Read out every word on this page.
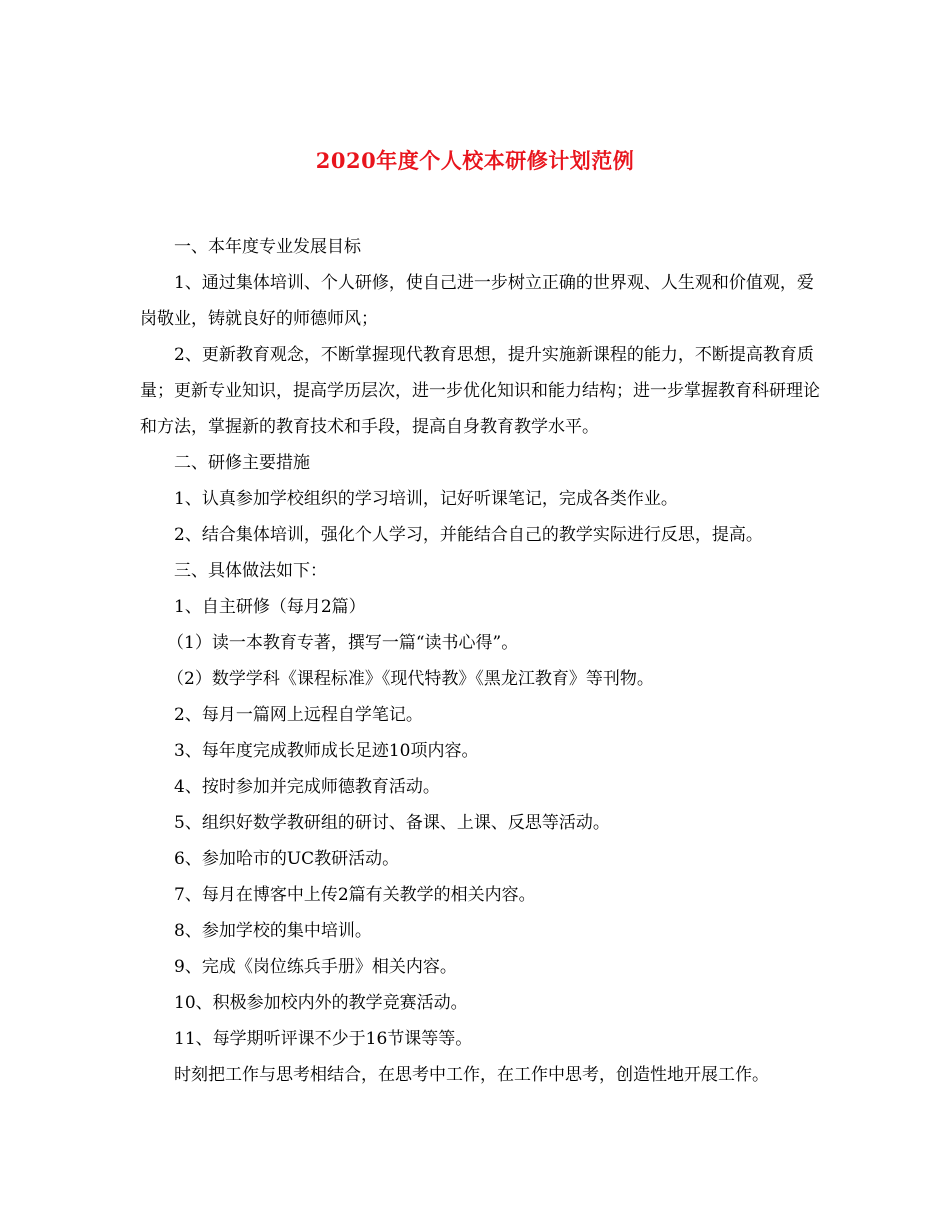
2020年度个人校本研修计划范例

一、本年度专业发展目标

1、通过集体培训、个人研修，使自己进一步树立正确的世界观、人生观和价值观，爱岗敬业，铸就良好的师德师风；

2、更新教育观念，不断掌握现代教育思想，提升实施新课程的能力，不断提高教育质量；更新专业知识，提高学历层次，进一步优化知识和能力结构；进一步掌握教育科研理论和方法，掌握新的教育技术和手段，提高自身教育教学水平。

二、研修主要措施

1、认真参加学校组织的学习培训，记好听课笔记，完成各类作业。

2、结合集体培训，强化个人学习，并能结合自己的教学实际进行反思，提高。

三、具体做法如下：

1、自主研修（每月2篇）

（1）读一本教育专著，撰写一篇“读书心得”。

（2）数学学科《课程标准》《现代特教》《黑龙江教育》等刊物。

2、每月一篇网上远程自学笔记。

3、每年度完成教师成长足迹10项内容。

4、按时参加并完成师德教育活动。

5、组织好数学教研组的研讨、备课、上课、反思等活动。

6、参加哈市的UC教研活动。

7、每月在博客中上传2篇有关教学的相关内容。

8、参加学校的集中培训。

9、完成《岗位练兵手册》相关内容。

10、积极参加校内外的教学竞赛活动。

11、每学期听评课不少于16节课等等。

时刻把工作与思考相结合，在思考中工作，在工作中思考，创造性地开展工作。
